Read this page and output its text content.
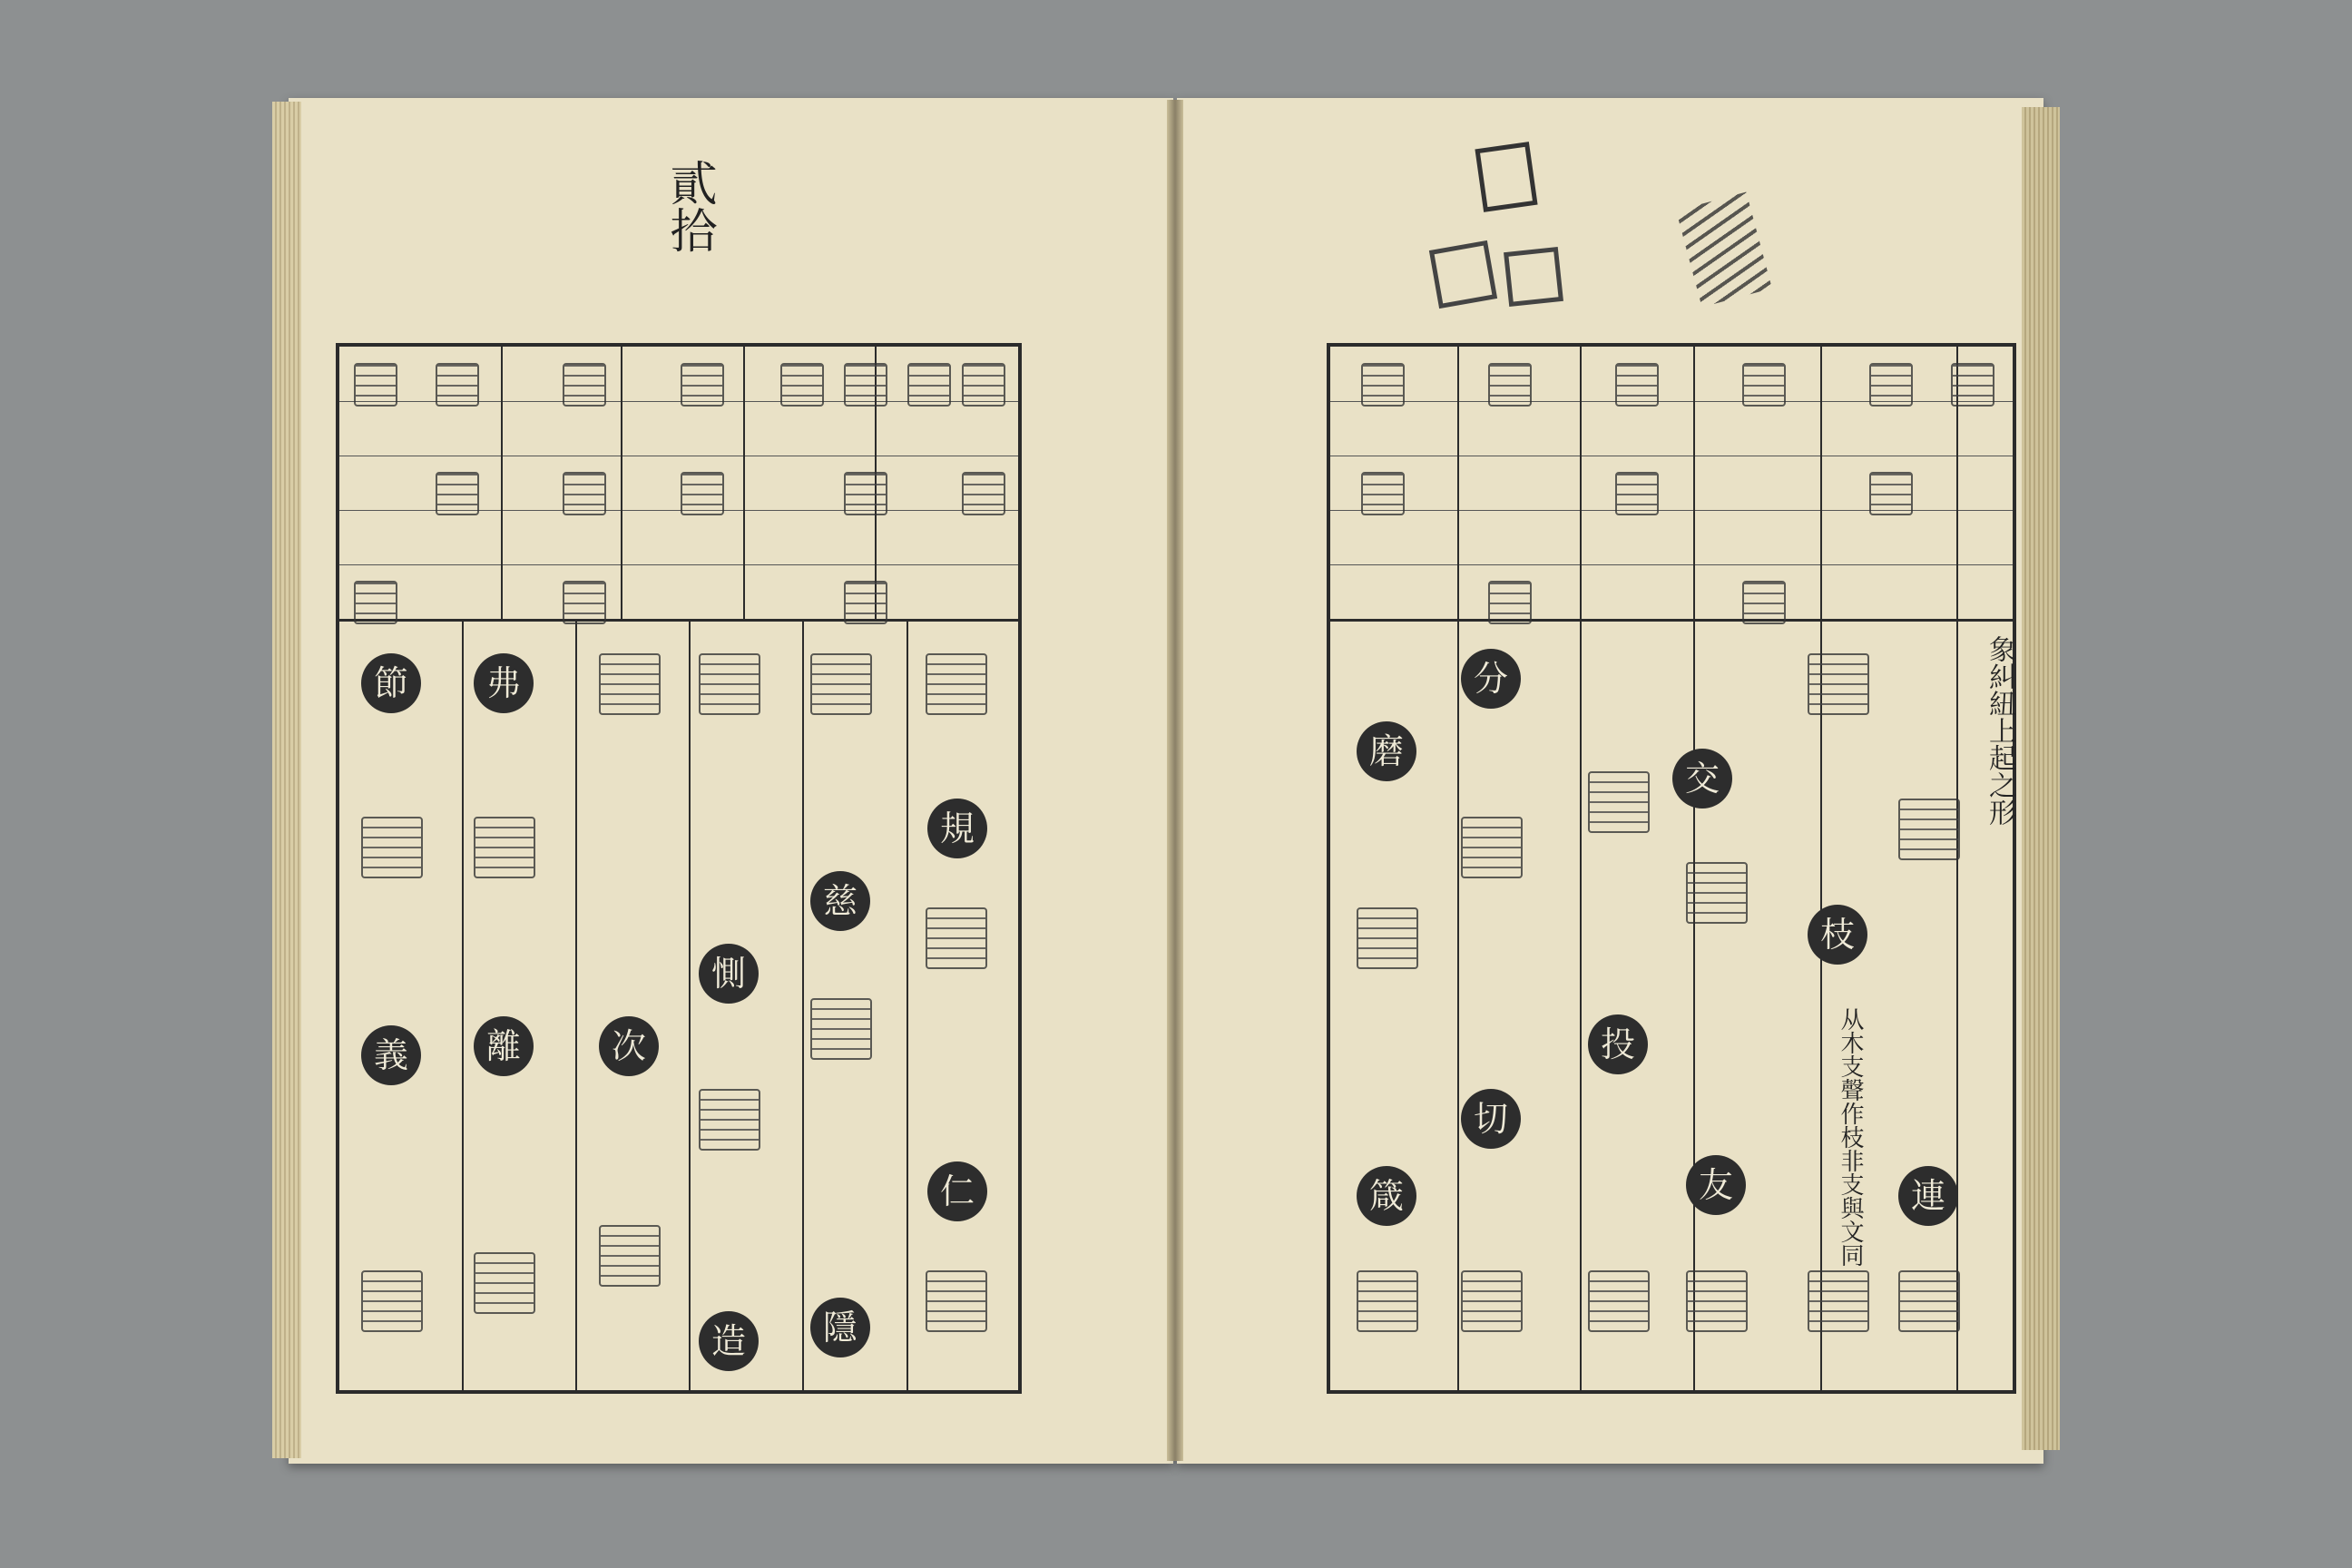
貳拾
規
慈
仁
惻
隱
造
次
離
弗
節
義
連
交
枝
友
投
分
切
磨
箴
象糾紐上起之形
从木支聲作枝非支與文同
